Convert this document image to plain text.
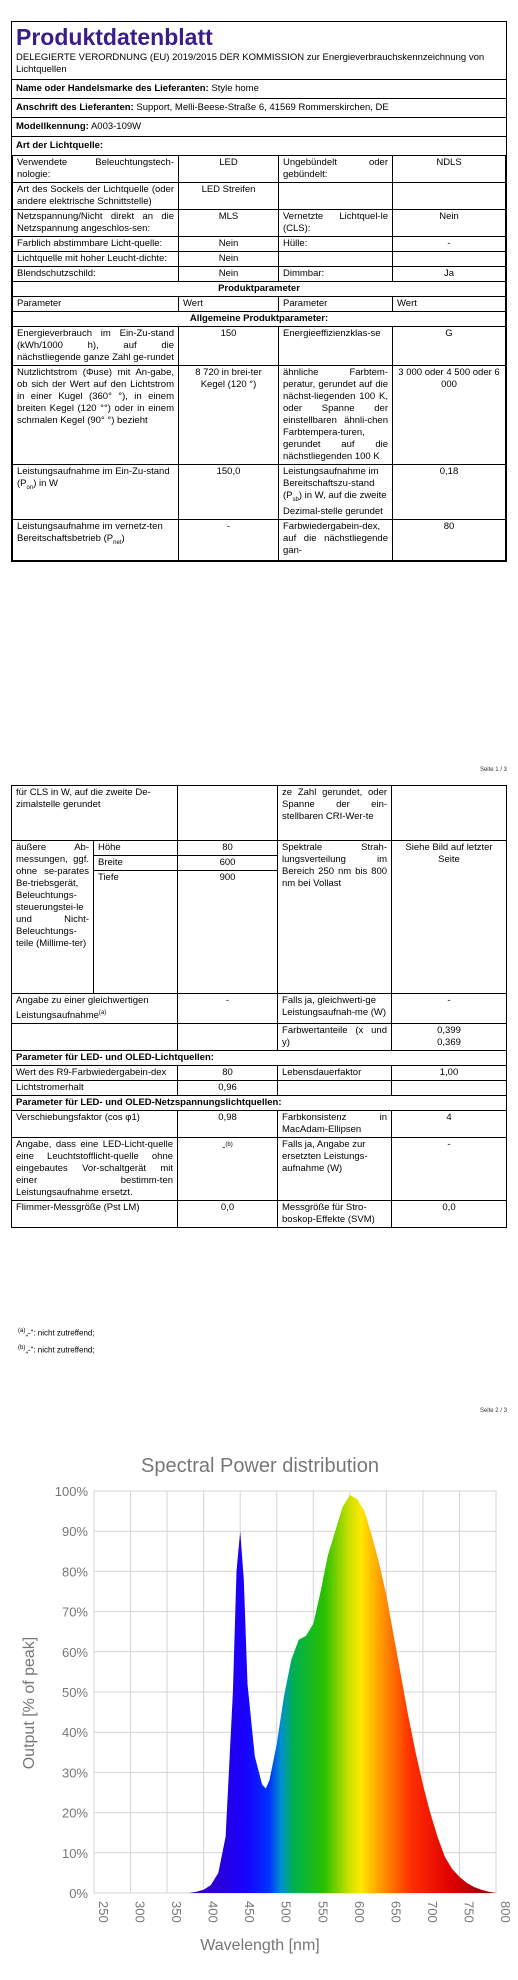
Produktdatenblatt
DELEGIERTE VERORDNUNG (EU) 2019/2015 DER KOMMISSION zur Energieverbrauchskennzeichnung von Lichtquellen
Name oder Handelsmarke des Lieferanten: Style home
Anschrift des Lieferanten: Support, Melli-Beese-Straße 6, 41569 Rommerskirchen, DE
Modellkennung: A003-109W
Art der Lichtquelle:
Verwendete Beleuchtungstech-nologie:	LED	Ungebündelt oder gebündelt:	NDLS
Art des Sockels der Lichtquelle (oder andere elektrische Schnittstelle)	LED Streifen		
Netzspannung/Nicht direkt an die Netzspannung angeschlos-sen:	MLS	Vernetzte Lichtquel-le (CLS):	Nein
Farblich abstimmbare Licht-quelle:	Nein	Hülle:	-
Lichtquelle mit hoher Leucht-dichte:	Nein		
Blendschutzschild:	Nein	Dimmbar:	Ja
Produktparameter			
Parameter	Wert	Parameter	Wert
Allgemeine Produktparameter:			
Energieverbrauch im Ein-Zu-stand (kWh/1000 h), auf die nächstliegende ganze Zahl ge-rundet	150	Energieeffizienzklas-se	G
Nutzlichtstrom (Φuse) mit An-gabe, ob sich der Wert auf den Lichtstrom in einer Kugel (360° °), in einem breiten Kegel (120 °°) oder in einem schmalen Kegel (90° °) bezieht	8 720 in brei-ter Kegel (120 °)	ähnliche Farbtem-peratur, gerundet auf die nächst-liegenden 100 K, oder Spanne der einstellbaren ähnli-chen Farbtempera-turen, gerundet auf die nächstliegenden 100 K	3 000 oder 4 500 oder 6 000
Leistungsaufnahme im Ein-Zu-stand $(P_{on})$ in W	150,0	Leistungsaufnahme im Bereitschaftszu-stand $(P_{sb})$ in W, auf die zweite Dezimal-stelle gerundet	0,18
Leistungsaufnahme im vernetz-ten Bereitschaftsbetrieb $(P_{net})$	-	Farbwiedergabein-dex, auf die nächstliegende gan-	80
Seite 1 / 3
für CLS in W, auf die zweite De-zimalstelle gerundet			ze Zahl gerundet, oder Spanne der ein-stellbaren CRI-Wer-te	
äußere Ab-messungen, ggf. ohne se-parates Be-triebsgerät, Beleuchtungs-steuerungstei-le und Nicht-Beleuchtungs-teile (Millime-ter)	Höhe	80	Spektrale Strah-lungsverteilung im Bereich 250 nm bis 800 nm bei Vollast	Siehe Bild auf letzter Seite
	Breite	600		
	Tiefe	900		
Angabe zu einer gleichwertigen Leistungsaufnahme$^{(a)}$		-	Falls ja, gleichwerti-ge Leistungsaufnah-me (W)	-
			Farbwertanteile (x und y)	0,399
0,369
Parameter für LED- und OLED-Lichtquellen:				
Wert des R9-Farbwiedergabein-dex		80	Lebensdauerfaktor	1,00
Lichtstromerhalt		0,96		
Parameter für LED- und OLED-Netzspannungslichtquellen:				
Verschiebungsfaktor (cos φ1)		0,98	Farbkonsistenz in MacAdam-Ellipsen	4
Angabe, dass eine LED-Licht-quelle eine Leuchtstofflicht-quelle ohne eingebautes Vor-schaltgerät mit einer bestimm-ten Leistungsaufnahme ersetzt.		-$^{(b)}$	Falls ja, Angabe zur ersetzten Leistungs-aufnahme (W)	-
Flimmer-Messgröße (Pst LM)		0,0	Messgröße für Stro-boskop-Effekte (SVM)	0,0
$^{(a)}$„-“: nicht zutreffend;
$^{(b)}$„-“: nicht zutreffend;
Seite 2 / 3
Spectral Power distribution
250 300 350 400 450 500 550 600 650 700 750 800
0%
10%
20%
30%
40%
50%
60%
70%
80%
90%
100%
Wavelength [nm]
Output [% of peak]
